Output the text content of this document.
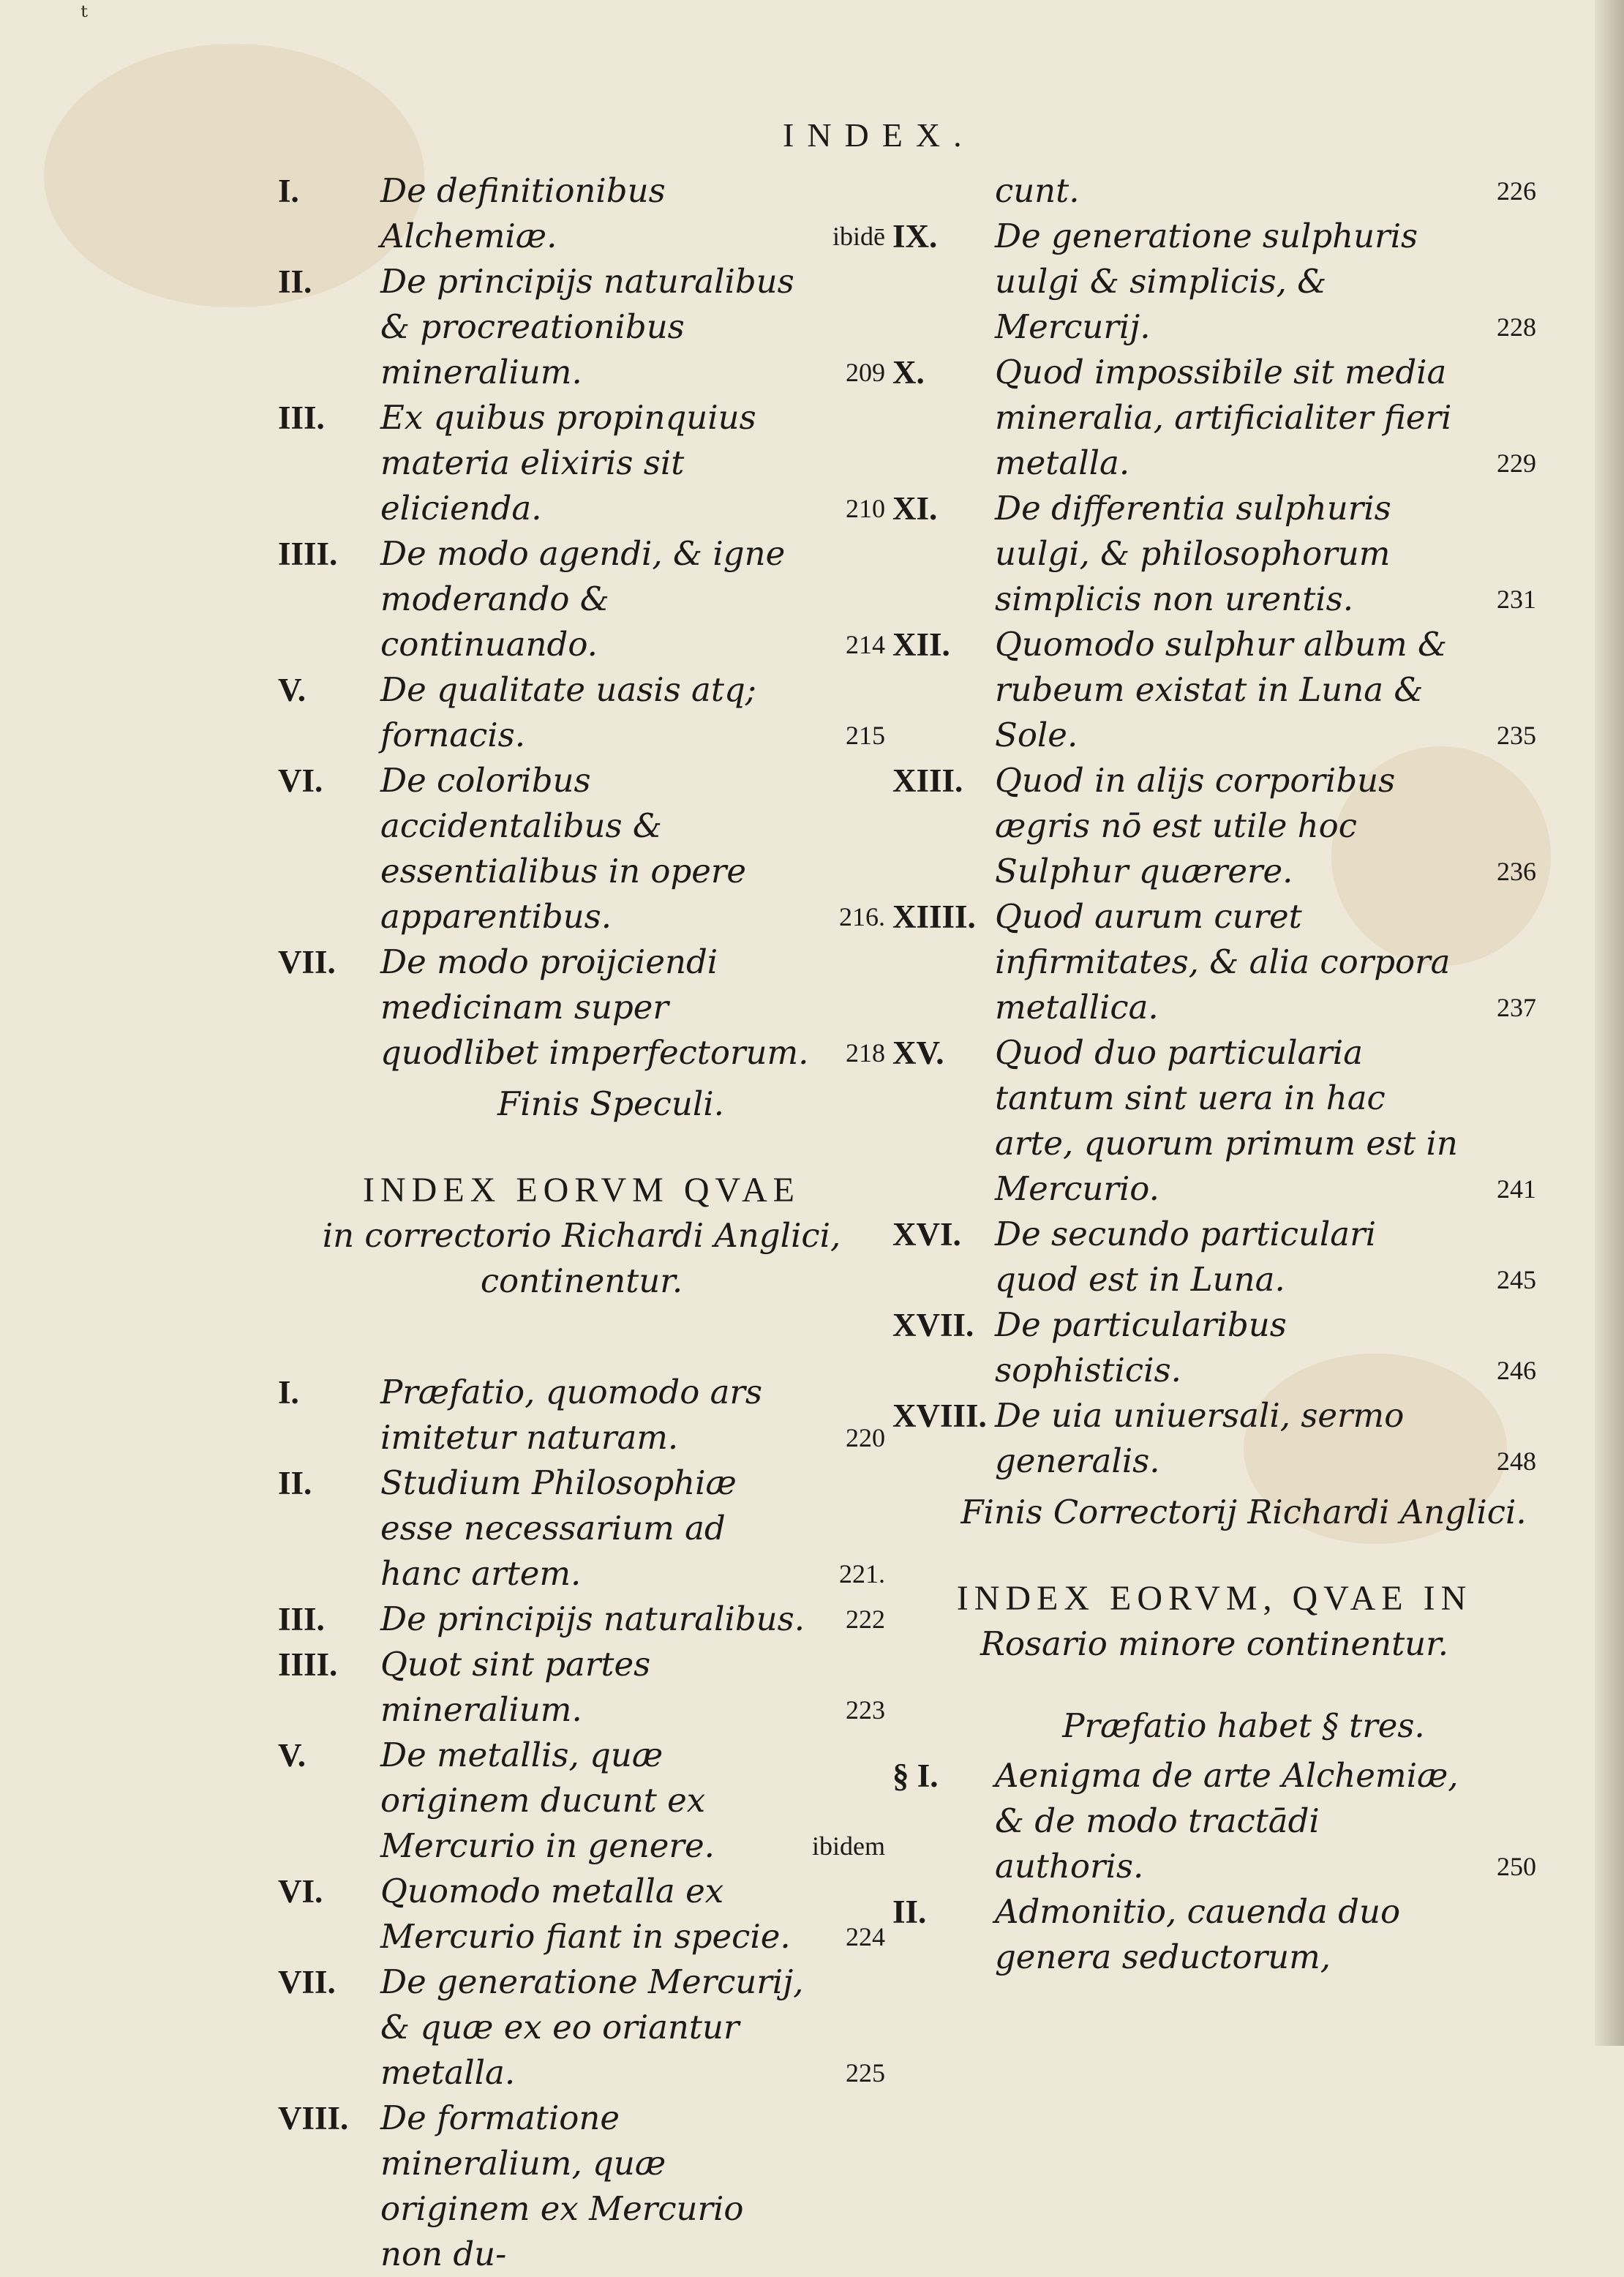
ᵗ
INDEX.
I. De definitionibus Alchemiæ.	ibidē
II. De principijs naturalibus & procreationibus mineralium.	209
III. Ex quibus propinquius materia elixiris sit elicienda.	210
IIII. De modo agendi, & igne moderando & continuando.	214
V. De qualitate uasis atq; fornacis.	215
VI. De coloribus accidentalibus & essentialibus in opere apparentibus.	216.
VII. De modo proijciendi medicinam super quodlibet imperfectorum. 218
Finis Speculi.
INDEX EORVM QVAE
in correctorio Richardi Anglici,
continentur.
I. Præfatio, quomodo ars imitetur naturam.	220
II. Studium Philosophiæ esse necessarium ad hanc artem.	221.
III. De principijs naturalibus. 222
IIII. Quot sint partes mineralium.	223
V. De metallis, quæ originem ducunt ex Mercurio in genere.	ibidem
VI. Quomodo metalla ex Mercurio fiant in specie. 224
VII. De generatione Mercurij, & quæ ex eo oriantur metalla.	225
VIII. De formatione mineralium, quæ originem ex Mercurio non du-
cunt.	226
IX. De generatione sulphuris uulgi & simplicis, & Mercurij.	228
X. Quod impossibile sit media mineralia, artificialiter fieri metalla.	229
XI. De differentia sulphuris uulgi, & philosophorum simplicis non urentis.	231
XII. Quomodo sulphur album & rubeum existat in Luna & Sole.	235
XIII. Quod in alijs corporibus ægris nō est utile hoc Sulphur quærere.	236
XIIII. Quod aurum curet infirmitates, & alia corpora metallica.	237
XV. Quod duo particularia tantum sint uera in hac arte, quorum primum est in Mercurio.	241
XVI. De secundo particulari quod est in Luna.	245
XVII. De particularibus sophisticis.	246
XVIII. De uia uniuersali, sermo generalis.	248
Finis Correctorij Richardi Anglici.
INDEX EORVM, QVAE IN
Rosario minore continentur.
Præfatio habet § tres.
§ I. Aenigma de arte Alchemiæ, & de modo tractādi authoris.	250
II. Admonitio, cauenda duo genera seductorum,
